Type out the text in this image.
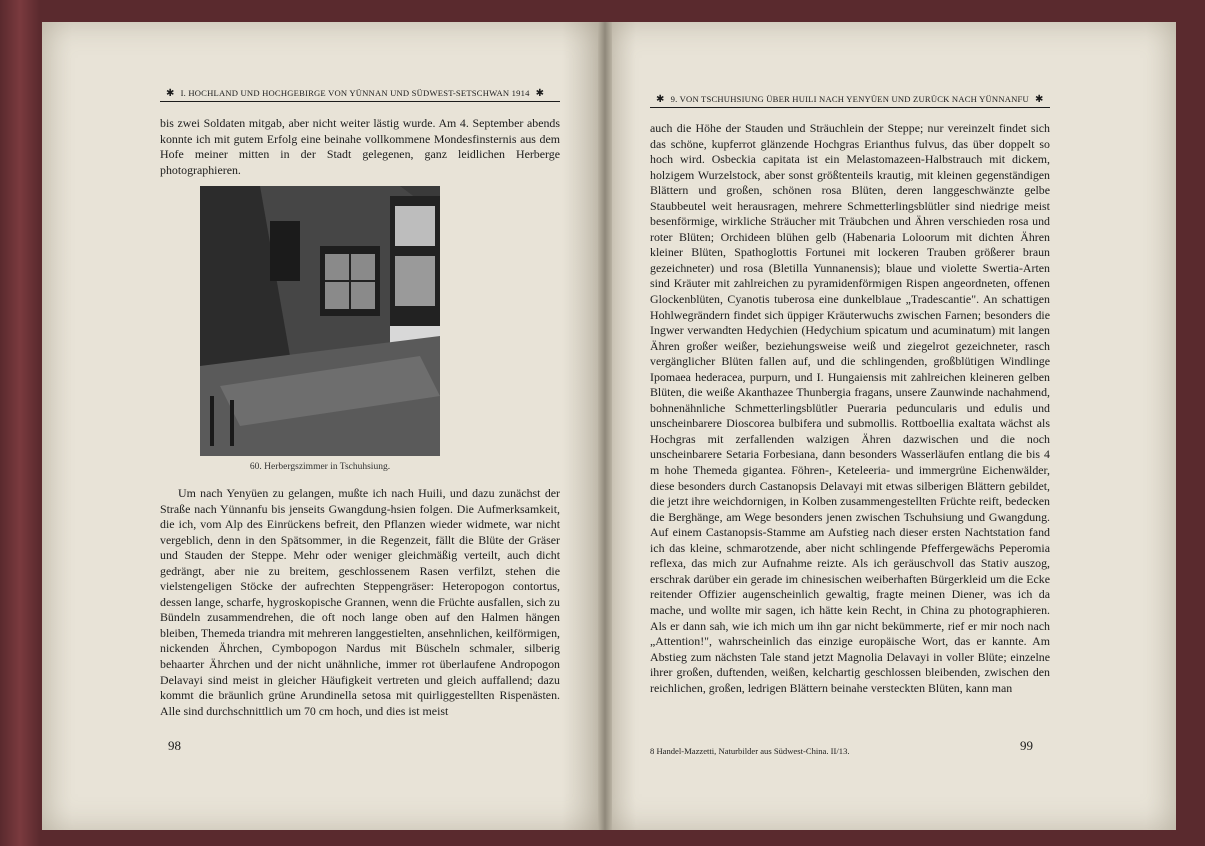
✱ I. HOCHLAND UND HOCHGEBIRGE VON YÜNNAN UND SÜDWEST-SETSCHWAN 1914 ✱

bis zwei Soldaten mitgab, aber nicht weiter lästig wurde. Am 4. September abends konnte ich mit gutem Erfolg eine beinahe vollkommene Mondesfinsternis aus dem Hofe meiner mitten in der Stadt gelegenen, ganz leidlichen Herberge photographieren.

60. Herbergszimmer in Tschuhsiung.

Um nach Yenyüen zu gelangen, mußte ich nach Huili, und dazu zunächst der Straße nach Yünnanfu bis jenseits Gwangdung-hsien folgen. Die Aufmerksamkeit, die ich, vom Alp des Einrückens befreit, den Pflanzen wieder widmete, war nicht vergeblich, denn in den Spätsommer, in die Regenzeit, fällt die Blüte der Gräser und Stauden der Steppe. Mehr oder weniger gleichmäßig verteilt, auch dicht gedrängt, aber nie zu breitem, geschlossenem Rasen verfilzt, stehen die vielstengeligen Stöcke der aufrechten Steppengräser: Heteropogon contortus, dessen lange, scharfe, hygroskopische Grannen, wenn die Früchte ausfallen, sich zu Bündeln zusammendrehen, die oft noch lange oben auf den Halmen hängen bleiben, Themeda triandra mit mehreren langgestielten, ansehnlichen, keilförmigen, nickenden Ährchen, Cymbopogon Nardus mit Büscheln schmaler, silberig behaarter Ährchen und der nicht unähnliche, immer rot überlaufene Andropogon Delavayi sind meist in gleicher Häufigkeit vertreten und gleich auffallend; dazu kommt die bräunlich grüne Arundinella setosa mit quirliggestellten Rispenästen. Alle sind durchschnittlich um 70 cm hoch, und dies ist meist

98
✱ 9. VON TSCHUHSIUNG ÜBER HUILI NACH YENYÜEN UND ZURÜCK NACH YÜNNANFU ✱

auch die Höhe der Stauden und Sträuchlein der Steppe; nur vereinzelt findet sich das schöne, kupferrot glänzende Hochgras Erianthus fulvus, das über doppelt so hoch wird. Osbeckia capitata ist ein Melastomazeen-Halbstrauch mit dickem, holzigem Wurzelstock, aber sonst größtenteils krautig, mit kleinen gegenständigen Blättern und großen, schönen rosa Blüten, deren langgeschwänzte gelbe Staubbeutel weit herausragen, mehrere Schmetterlingsblütler sind niedrige meist besenförmige, wirkliche Sträucher mit Träubchen und Ähren verschieden rosa und roter Blüten; Orchideen blühen gelb (Habenaria Loloorum mit dichten Ähren kleiner Blüten, Spathoglottis Fortunei mit lockeren Trauben größerer braun gezeichneter) und rosa (Bletilla Yunnanensis); blaue und violette Swertia-Arten sind Kräuter mit zahlreichen zu pyramidenförmigen Rispen angeordneten, offenen Glockenblüten, Cyanotis tuberosa eine dunkelblaue „Tradescantie". An schattigen Hohlwegrändern findet sich üppiger Kräuterwuchs zwischen Farnen; besonders die Ingwer verwandten Hedychien (Hedychium spicatum und acuminatum) mit langen Ähren großer weißer, beziehungsweise weiß und ziegelrot gezeichneter, rasch vergänglicher Blüten fallen auf, und die schlingenden, großblütigen Windlinge Ipomaea hederacea, purpurn, und I. Hungaiensis mit zahlreichen kleineren gelben Blüten, die weiße Akanthazee Thunbergia fragans, unsere Zaunwinde nachahmend, bohnenähnliche Schmetterlingsblütler Pueraria peduncularis und edulis und unscheinbarere Dioscorea bulbifera und submollis. Rottboellia exaltata wächst als Hochgras mit zerfallenden walzigen Ähren dazwischen und die noch unscheinbarere Setaria Forbesiana, dann besonders Wasserläufen entlang die bis 4 m hohe Themeda gigantea. Föhren-, Keteleeria- und immergrüne Eichenwälder, diese besonders durch Castanopsis Delavayi mit etwas silberigen Blättern gebildet, die jetzt ihre weichdornigen, in Kolben zusammengestellten Früchte reift, bedecken die Berghänge, am Wege besonders jenen zwischen Tschuhsiung und Gwangdung. Auf einem Castanopsis-Stamme am Aufstieg nach dieser ersten Nachtstation fand ich das kleine, schmarotzende, aber nicht schlingende Pfeffergewächs Peperomia reflexa, das mich zur Aufnahme reizte. Als ich geräuschvoll das Stativ auszog, erschrak darüber ein gerade im chinesischen weiberhaften Bürgerkleid um die Ecke reitender Offizier augenscheinlich gewaltig, fragte meinen Diener, was ich da mache, und wollte mir sagen, ich hätte kein Recht, in China zu photographieren. Als er dann sah, wie ich mich um ihn gar nicht bekümmerte, rief er mir noch nach „Attention!", wahrscheinlich das einzige europäische Wort, das er kannte. Am Abstieg zum nächsten Tale stand jetzt Magnolia Delavayi in voller Blüte; einzelne ihrer großen, duftenden, weißen, kelchartig geschlossen bleibenden, zwischen den reichlichen, großen, ledrigen Blättern beinahe versteckten Blüten, kann man

8 Handel-Mazzetti, Naturbilder aus Südwest-China. II/13.	99
